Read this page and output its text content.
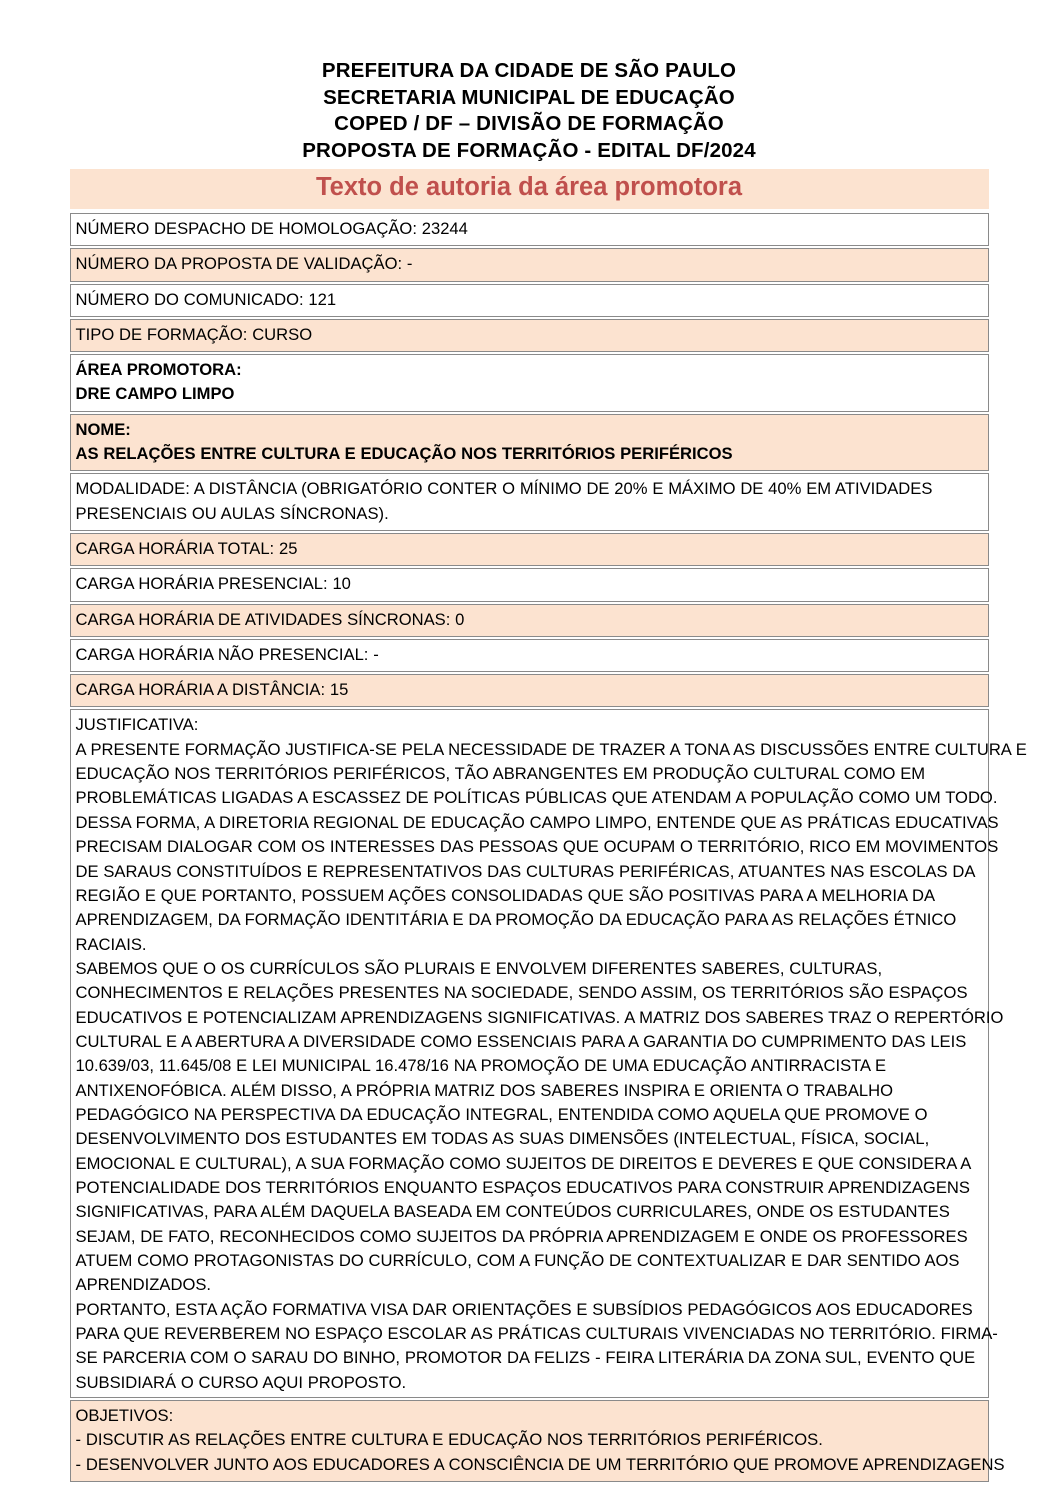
PREFEITURA DA CIDADE DE SÃO PAULO
SECRETARIA MUNICIPAL DE EDUCAÇÃO
COPED / DF – DIVISÃO DE FORMAÇÃO
PROPOSTA DE FORMAÇÃO - EDITAL DF/2024
Texto de autoria da área promotora
NÚMERO DESPACHO DE HOMOLOGAÇÃO: 23244
NÚMERO DA PROPOSTA DE VALIDAÇÃO: -
NÚMERO DO COMUNICADO: 121
TIPO DE FORMAÇÃO: CURSO

ÁREA PROMOTORA:
DRE CAMPO LIMPO

NOME:
AS RELAÇÕES ENTRE CULTURA E EDUCAÇÃO NOS TERRITÓRIOS PERIFÉRICOS

MODALIDADE: A DISTÂNCIA (OBRIGATÓRIO CONTER O MÍNIMO DE 20% E MÁXIMO DE 40% EM ATIVIDADES
PRESENCIAIS OU AULAS SÍNCRONAS).

CARGA HORÁRIA TOTAL: 25
CARGA HORÁRIA PRESENCIAL: 10
CARGA HORÁRIA DE ATIVIDADES SÍNCRONAS: 0
CARGA HORÁRIA NÃO PRESENCIAL: -
CARGA HORÁRIA A DISTÂNCIA: 15

JUSTIFICATIVA:
A PRESENTE FORMAÇÃO JUSTIFICA-SE PELA NECESSIDADE DE TRAZER A TONA AS DISCUSSÕES ENTRE CULTURA E
EDUCAÇÃO NOS TERRITÓRIOS PERIFÉRICOS, TÃO ABRANGENTES EM PRODUÇÃO CULTURAL COMO EM
PROBLEMÁTICAS LIGADAS A ESCASSEZ DE POLÍTICAS PÚBLICAS QUE ATENDAM A POPULAÇÃO COMO UM TODO.
DESSA FORMA, A DIRETORIA REGIONAL DE EDUCAÇÃO CAMPO LIMPO, ENTENDE QUE AS PRÁTICAS EDUCATIVAS
PRECISAM DIALOGAR COM OS INTERESSES DAS PESSOAS QUE OCUPAM O TERRITÓRIO, RICO EM MOVIMENTOS
DE SARAUS CONSTITUÍDOS E REPRESENTATIVOS DAS CULTURAS PERIFÉRICAS, ATUANTES NAS ESCOLAS DA
REGIÃO E QUE PORTANTO, POSSUEM AÇÕES CONSOLIDADAS QUE SÃO POSITIVAS PARA A MELHORIA DA
APRENDIZAGEM, DA FORMAÇÃO IDENTITÁRIA E DA PROMOÇÃO DA EDUCAÇÃO PARA AS RELAÇÕES ÉTNICO
RACIAIS.
SABEMOS QUE O OS CURRÍCULOS SÃO PLURAIS E ENVOLVEM DIFERENTES SABERES, CULTURAS,
CONHECIMENTOS E RELAÇÕES PRESENTES NA SOCIEDADE, SENDO ASSIM, OS TERRITÓRIOS SÃO ESPAÇOS
EDUCATIVOS E POTENCIALIZAM APRENDIZAGENS SIGNIFICATIVAS. A MATRIZ DOS SABERES TRAZ O REPERTÓRIO
CULTURAL E A ABERTURA A DIVERSIDADE COMO ESSENCIAIS PARA A GARANTIA DO CUMPRIMENTO DAS LEIS
10.639/03, 11.645/08 E LEI MUNICIPAL 16.478/16 NA PROMOÇÃO DE UMA EDUCAÇÃO ANTIRRACISTA E
ANTIXENOFÓBICA. ALÉM DISSO, A PRÓPRIA MATRIZ DOS SABERES INSPIRA E ORIENTA O TRABALHO
PEDAGÓGICO NA PERSPECTIVA DA EDUCAÇÃO INTEGRAL, ENTENDIDA COMO AQUELA QUE PROMOVE O
DESENVOLVIMENTO DOS ESTUDANTES EM TODAS AS SUAS DIMENSÕES (INTELECTUAL, FÍSICA, SOCIAL,
EMOCIONAL E CULTURAL), A SUA FORMAÇÃO COMO SUJEITOS DE DIREITOS E DEVERES E QUE CONSIDERA A
POTENCIALIDADE DOS TERRITÓRIOS ENQUANTO ESPAÇOS EDUCATIVOS PARA CONSTRUIR APRENDIZAGENS
SIGNIFICATIVAS, PARA ALÉM DAQUELA BASEADA EM CONTEÚDOS CURRICULARES, ONDE OS ESTUDANTES
SEJAM, DE FATO, RECONHECIDOS COMO SUJEITOS DA PRÓPRIA APRENDIZAGEM E ONDE OS PROFESSORES
ATUEM COMO PROTAGONISTAS DO CURRÍCULO, COM A FUNÇÃO DE CONTEXTUALIZAR E DAR SENTIDO AOS
APRENDIZADOS.
PORTANTO, ESTA AÇÃO FORMATIVA VISA DAR ORIENTAÇÕES E SUBSÍDIOS PEDAGÓGICOS AOS EDUCADORES
PARA QUE REVERBEREM NO ESPAÇO ESCOLAR AS PRÁTICAS CULTURAIS VIVENCIADAS NO TERRITÓRIO. FIRMA-
SE PARCERIA COM O SARAU DO BINHO, PROMOTOR DA FELIZS - FEIRA LITERÁRIA DA ZONA SUL, EVENTO QUE
SUBSIDIARÁ O CURSO AQUI PROPOSTO.

OBJETIVOS:
- DISCUTIR AS RELAÇÕES ENTRE CULTURA E EDUCAÇÃO NOS TERRITÓRIOS PERIFÉRICOS.
- DESENVOLVER JUNTO AOS EDUCADORES A CONSCIÊNCIA DE UM TERRITÓRIO QUE PROMOVE APRENDIZAGENS
